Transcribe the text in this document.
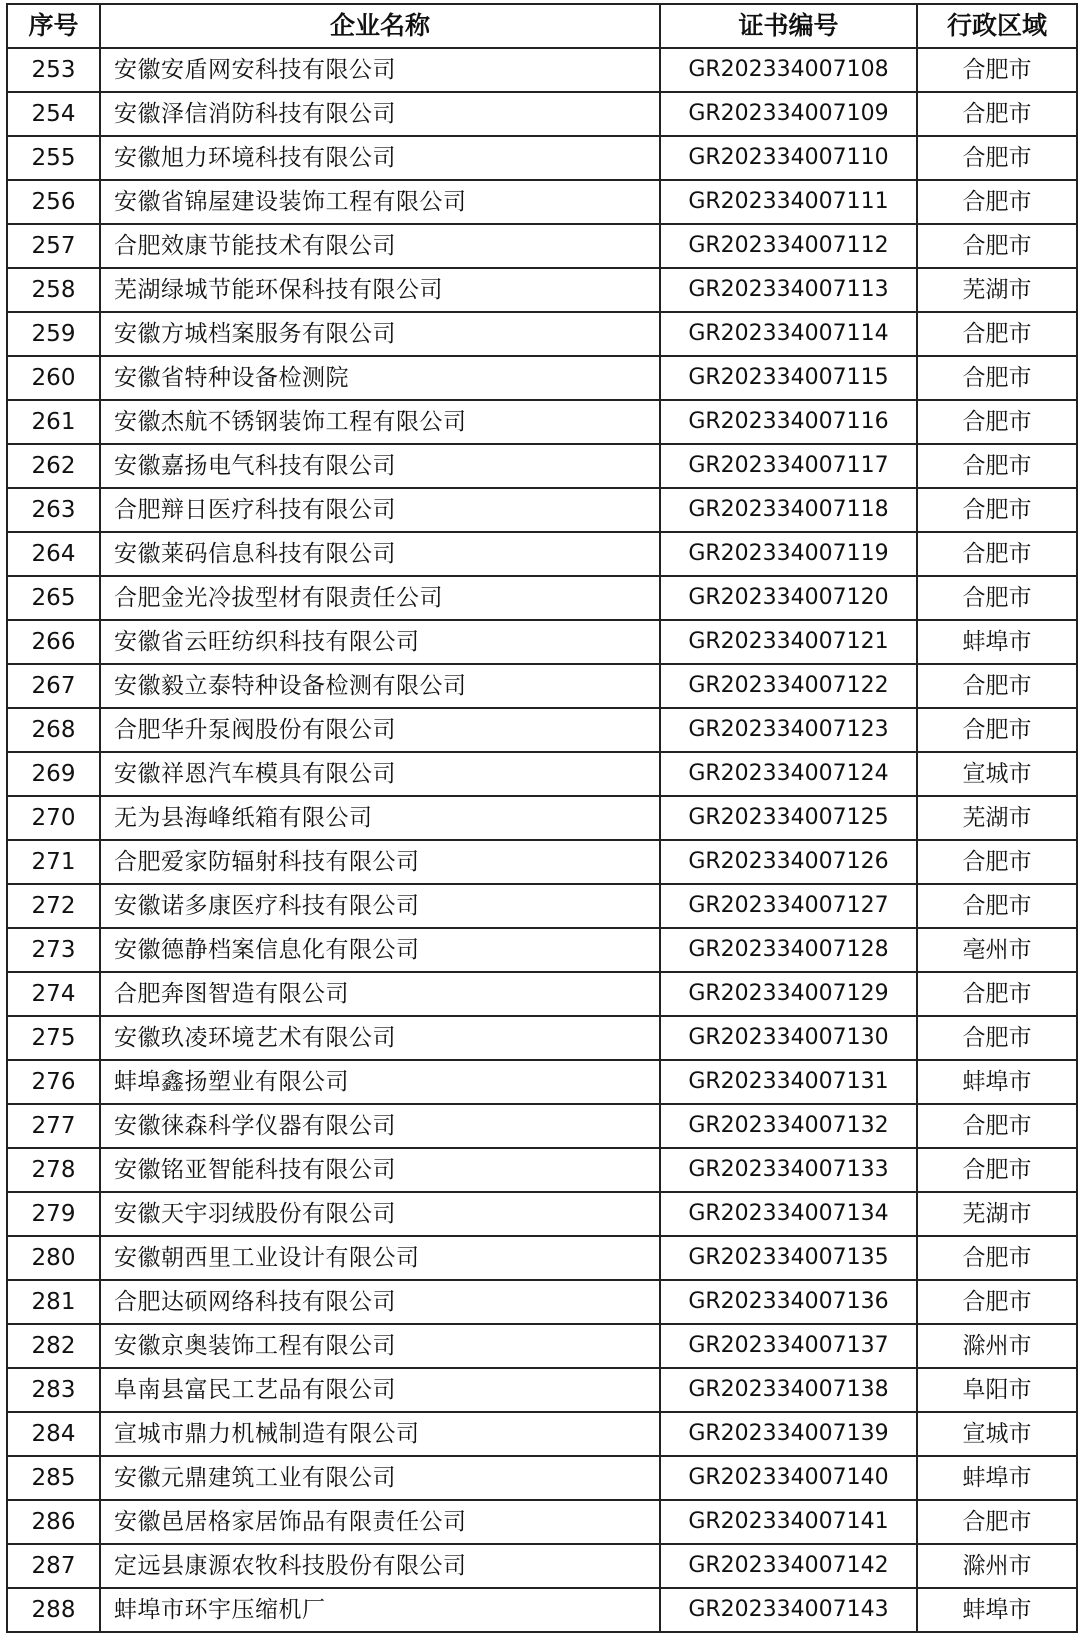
序号	企业名称	证书编号	行政区域
253	安徽安盾网安科技有限公司	GR202334007108	合肥市
254	安徽泽信消防科技有限公司	GR202334007109	合肥市
255	安徽旭力环境科技有限公司	GR202334007110	合肥市
256	安徽省锦屋建设装饰工程有限公司	GR202334007111	合肥市
257	合肥效康节能技术有限公司	GR202334007112	合肥市
258	芜湖绿城节能环保科技有限公司	GR202334007113	芜湖市
259	安徽方城档案服务有限公司	GR202334007114	合肥市
260	安徽省特种设备检测院	GR202334007115	合肥市
261	安徽杰航不锈钢装饰工程有限公司	GR202334007116	合肥市
262	安徽嘉扬电气科技有限公司	GR202334007117	合肥市
263	合肥辩日医疗科技有限公司	GR202334007118	合肥市
264	安徽莱码信息科技有限公司	GR202334007119	合肥市
265	合肥金光冷拔型材有限责任公司	GR202334007120	合肥市
266	安徽省云旺纺织科技有限公司	GR202334007121	蚌埠市
267	安徽毅立泰特种设备检测有限公司	GR202334007122	合肥市
268	合肥华升泵阀股份有限公司	GR202334007123	合肥市
269	安徽祥恩汽车模具有限公司	GR202334007124	宣城市
270	无为县海峰纸箱有限公司	GR202334007125	芜湖市
271	合肥爱家防辐射科技有限公司	GR202334007126	合肥市
272	安徽诺多康医疗科技有限公司	GR202334007127	合肥市
273	安徽德静档案信息化有限公司	GR202334007128	亳州市
274	合肥奔图智造有限公司	GR202334007129	合肥市
275	安徽玖凌环境艺术有限公司	GR202334007130	合肥市
276	蚌埠鑫扬塑业有限公司	GR202334007131	蚌埠市
277	安徽徕森科学仪器有限公司	GR202334007132	合肥市
278	安徽铭亚智能科技有限公司	GR202334007133	合肥市
279	安徽天宇羽绒股份有限公司	GR202334007134	芜湖市
280	安徽朝西里工业设计有限公司	GR202334007135	合肥市
281	合肥达硕网络科技有限公司	GR202334007136	合肥市
282	安徽京奥装饰工程有限公司	GR202334007137	滁州市
283	阜南县富民工艺品有限公司	GR202334007138	阜阳市
284	宣城市鼎力机械制造有限公司	GR202334007139	宣城市
285	安徽元鼎建筑工业有限公司	GR202334007140	蚌埠市
286	安徽邑居格家居饰品有限责任公司	GR202334007141	合肥市
287	定远县康源农牧科技股份有限公司	GR202334007142	滁州市
288	蚌埠市环宇压缩机厂	GR202334007143	蚌埠市
